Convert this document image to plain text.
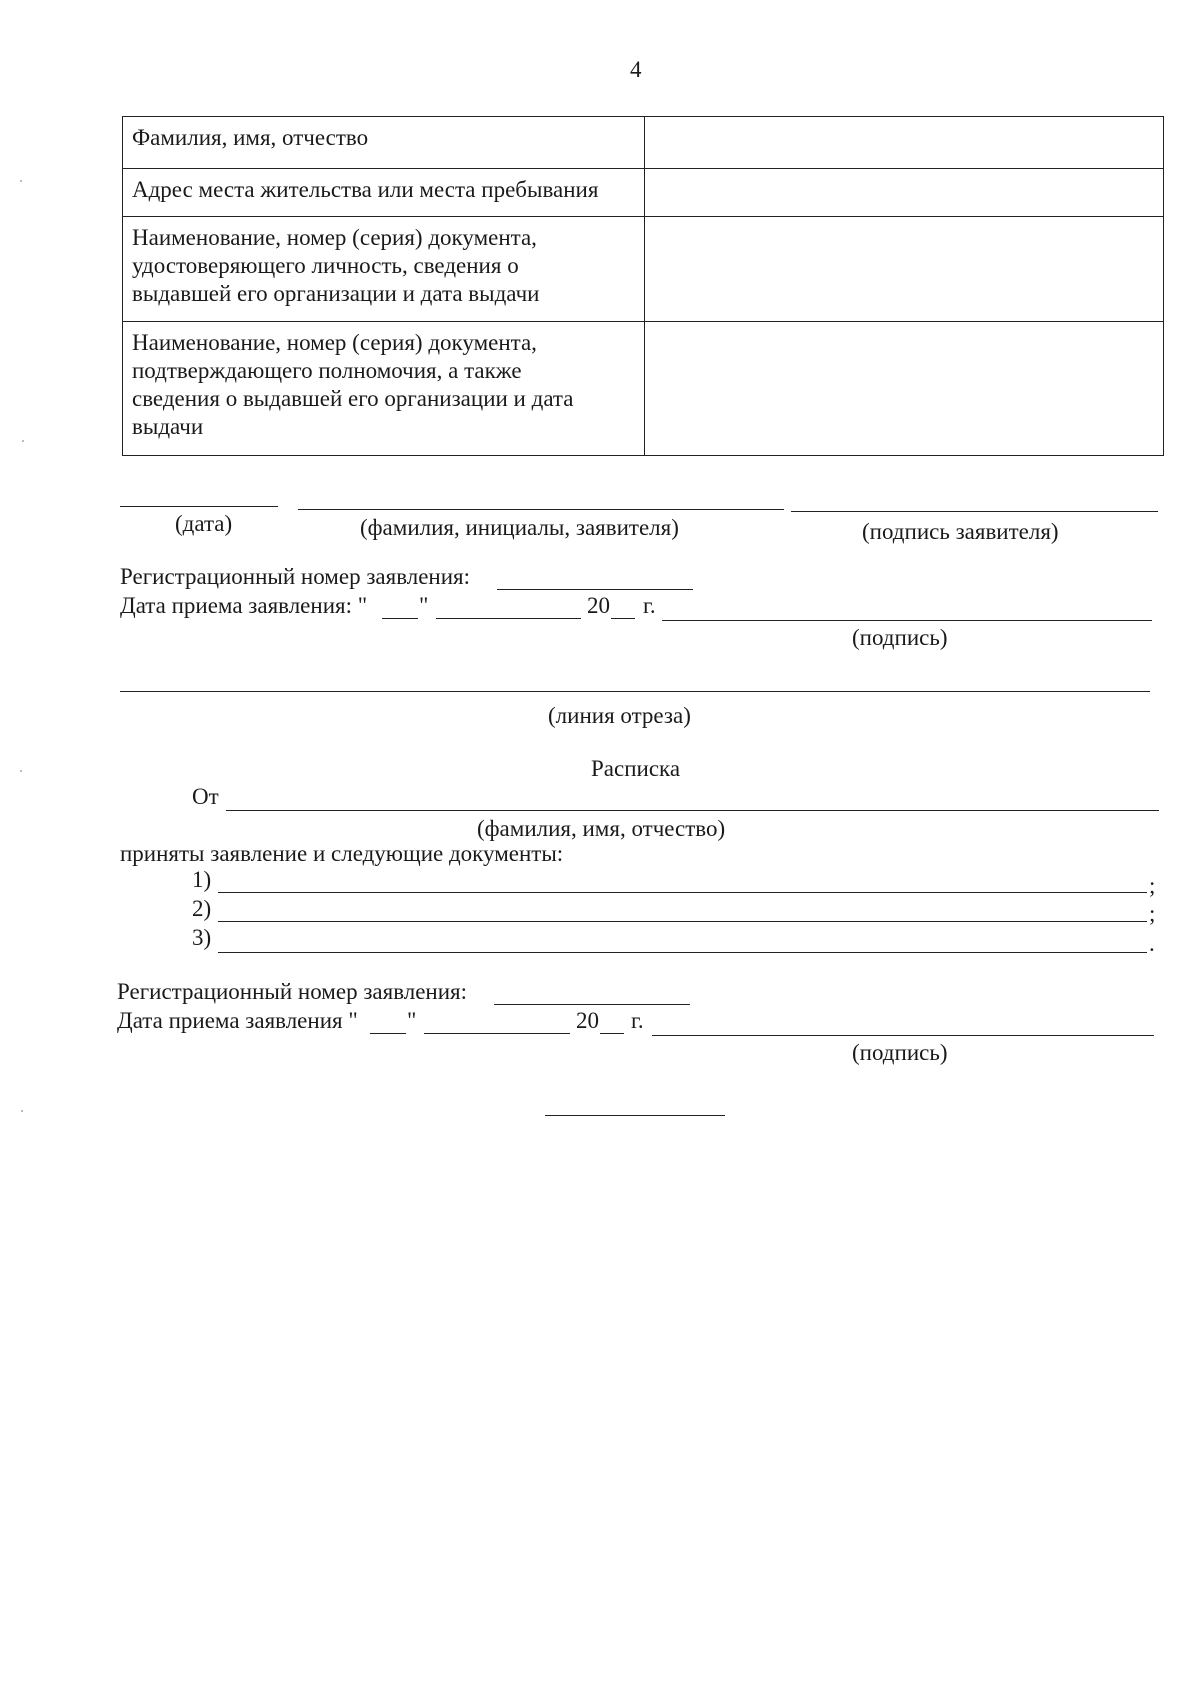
4
Фамилия, имя, отчество	
Адрес места жительства или места пребывания	
Наименование, номер (серия) документа,
удостоверяющего личность, сведения о
выдавшей его организации и дата выдачи	
Наименование, номер (серия) документа,
подтверждающего полномочия, а также
сведения о выдавшей его организации и дата
выдачи	
(дата)	(фамилия, инициалы, заявителя)	(подпись заявителя)
Регистрационный номер заявления:
Дата приема заявления: " "	20 г.
(подпись)
(линия отреза)
Расписка
От
(фамилия, имя, отчество)
приняты заявление и следующие документы:
1)	;
2)	;
3)	.
Регистрационный номер заявления:
Дата приема заявления " "	20 г.
(подпись)
